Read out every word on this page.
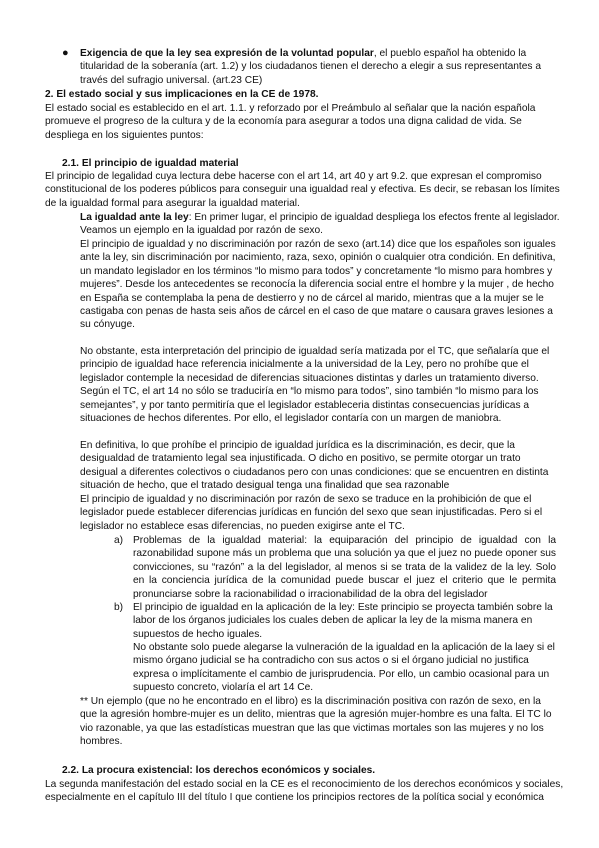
● Exigencia de que la ley sea expresión de la voluntad popular, el pueblo español ha obtenido la titularidad de la soberanía (art. 1.2) y los ciudadanos tienen el derecho a elegir a sus representantes a través del sufragio universal. (art.23 CE)

2. El estado social y sus implicaciones en la CE de 1978.

El estado social es establecido en el art. 1.1. y reforzado por el Preámbulo al señalar que la nación española promueve el progreso de la cultura y de la economía para asegurar a todos una digna calidad de vida. Se despliega en los siguientes puntos:

2.1. El principio de igualdad material

El principio de legalidad cuya lectura debe hacerse con el art 14, art 40 y art 9.2. que expresan el compromiso constitucional de los poderes públicos para conseguir una igualdad real y efectiva. Es decir, se rebasan los límites de la igualdad formal para asegurar la igualdad material.

La igualdad ante la ley: En primer lugar, el principio de igualdad despliega los efectos frente al legislador. Veamos un ejemplo en la igualdad por razón de sexo.

El principio de igualdad y no discriminación por razón de sexo (art.14) dice que los españoles son iguales ante la ley, sin discriminación por nacimiento, raza, sexo, opinión o cualquier otra condición. En definitiva, un mandato legislador en los términos “lo mismo para todos” y concretamente “lo mismo para hombres y mujeres”. Desde los antecedentes se reconocía la diferencia social entre el hombre y la mujer , de hecho en España se contemplaba la pena de destierro y no de cárcel al marido, mientras que a la mujer se le castigaba con penas de hasta seis años de cárcel en el caso de que matare o causara graves lesiones a su cónyuge.

No obstante, esta interpretación del principio de igualdad sería matizada por el TC, que señalaría que el principio de igualdad hace referencia inicialmente a la universidad de la Ley, pero no prohíbe que el legislador contemple la necesidad de diferencias situaciones distintas y darles un tratamiento diverso. Según el TC, el art 14 no sólo se traduciría en “lo mismo para todos”, sino también “lo mismo para los semejantes”, y por tanto permitiría que el legislador estableceria distintas consecuencias jurídicas a situaciones de hechos diferentes. Por ello, el legislador contaría con un margen de maniobra.

En definitiva, lo que prohíbe el principio de igualdad jurídica es la discriminación, es decir, que la desigualdad de tratamiento legal sea injustificada. O dicho en positivo, se permite otorgar un trato desigual a diferentes colectivos o ciudadanos pero con unas condiciones: que se encuentren en distinta situación de hecho, que el tratado desigual tenga una finalidad que sea razonable

El principio de igualdad y no discriminación por razón de sexo se traduce en la prohibición de que el legislador puede establecer diferencias jurídicas en función del sexo que sean injustificadas. Pero si el legislador no establece esas diferencias, no pueden exigirse ante el TC.

a) Problemas de la igualdad material: la equiparación del principio de igualdad con la razonabilidad supone más un problema que una solución ya que el juez no puede oponer sus convicciones, su “razón” a la del legislador, al menos si se trata de la validez de la ley. Solo en la conciencia jurídica de la comunidad puede buscar el juez el criterio que le permita pronunciarse sobre la racionabilidad o irracionabilidad de la obra del legislador

b) El principio de igualdad en la aplicación de la ley: Este principio se proyecta también sobre la labor de los órganos judiciales los cuales deben de aplicar la ley de la misma manera en supuestos de hecho iguales.

No obstante solo puede alegarse la vulneración de la igualdad en la aplicación de la laey si el mismo órgano judicial se ha contradicho con sus actos o si el órgano judicial no justifica expresa o implícitamente el cambio de jurisprudencia. Por ello, un cambio ocasional para un supuesto concreto, violaría el art 14 Ce.

** Un ejemplo (que no he encontrado en el libro) es la discriminación positiva con razón de sexo, en la que la agresión hombre-mujer es un delito, mientras que la agresión mujer-hombre es una falta. El TC lo vio razonable, ya que las estadísticas muestran que las que victimas mortales son las mujeres y no los hombres.

2.2. La procura existencial: los derechos económicos y sociales.

La segunda manifestación del estado social en la CE es el reconocimiento de los derechos económicos y sociales, especialmente en el capítulo III del título I que contiene los principios rectores de la política social y económica
